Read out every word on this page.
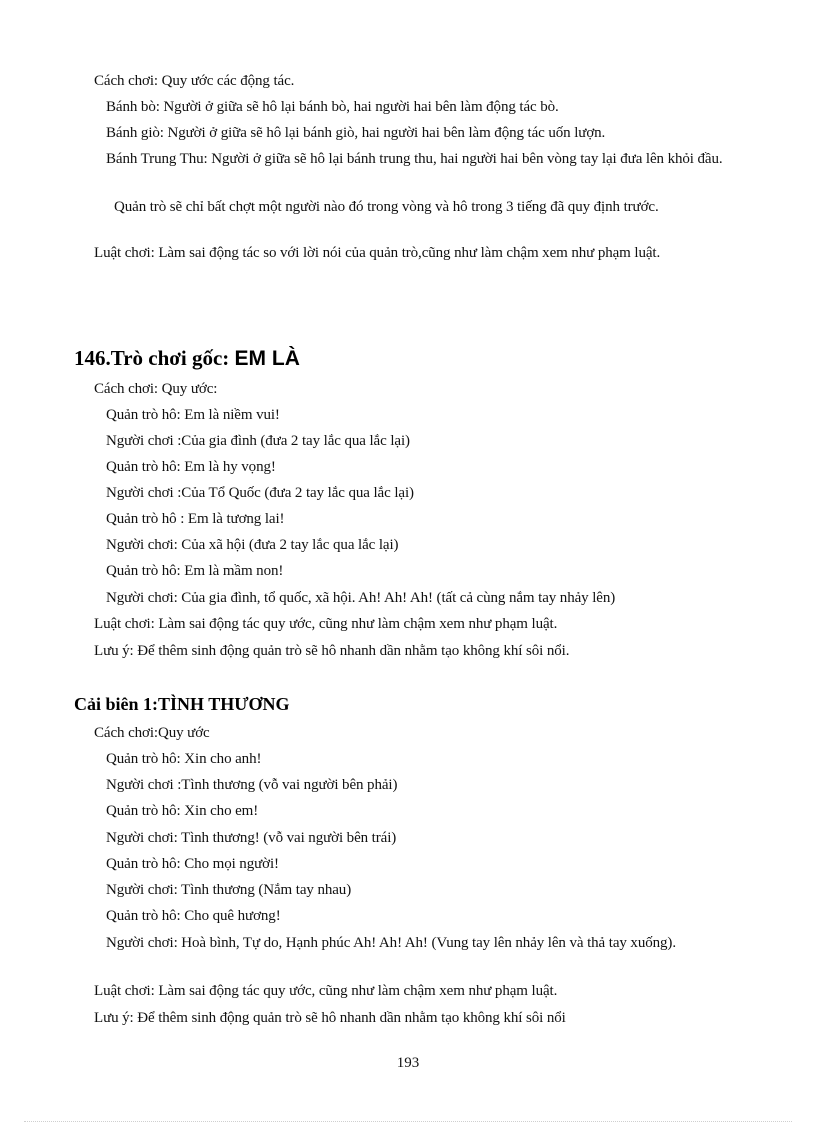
Cách chơi: Quy ước các động tác.
Bánh bò: Người ở giữa sẽ hô lại bánh bò, hai người hai bên làm động tác bò.
Bánh giò: Người ở giữa sẽ hô lại bánh giò, hai người hai bên làm động tác uốn lượn.
Bánh Trung Thu: Người ở giữa sẽ hô lại bánh trung thu, hai người hai bên vòng tay lại đưa lên khỏi đầu.
Quản trò sẽ chỉ bất chợt một người nào đó trong vòng và hô trong 3 tiếng đã quy định trước.
Luật chơi: Làm sai động tác so với lời nói của quản trò,cũng như làm chậm xem như phạm luật.
146.Trò chơi gốc: EM LÀ
Cách chơi: Quy ước:
Quản trò hô: Em là niềm vui!
Người chơi :Của gia đình (đưa 2 tay lắc qua lắc lại)
Quản trò hô: Em là hy vọng!
Người chơi :Của Tổ Quốc (đưa 2 tay lắc qua lắc lại)
Quản trò hô : Em là tương lai!
Người chơi: Của xã hội (đưa 2 tay lắc qua lắc lại)
Quản trò hô: Em là mầm non!
Người chơi: Của gia đình, tổ quốc, xã hội. Ah! Ah! Ah! (tất cả cùng nắm tay nhảy lên)
Luật chơi: Làm sai động tác quy ước, cũng như làm chậm xem như phạm luật.
Lưu ý: Để thêm sinh động quản trò sẽ hô nhanh dần nhằm tạo không khí sôi nổi.
Cải biên 1:TÌNH THƯƠNG
Cách chơi:Quy ước
Quản trò hô: Xin cho anh!
Người chơi :Tình thương (vỗ vai người bên phải)
Quản trò hô: Xin cho em!
Người chơi: Tình thương! (vỗ vai người bên trái)
Quản trò hô: Cho mọi người!
Người chơi: Tình thương (Nắm tay nhau)
Quản trò hô: Cho quê hương!
Người chơi: Hoà bình, Tự do, Hạnh phúc Ah! Ah! Ah! (Vung tay lên nhảy lên và thả tay xuống).
Luật chơi: Làm sai động tác quy ước, cũng như làm chậm xem như phạm luật.
Lưu ý: Để thêm sinh động quản trò sẽ hô nhanh dần nhằm tạo không khí sôi nổi
193
